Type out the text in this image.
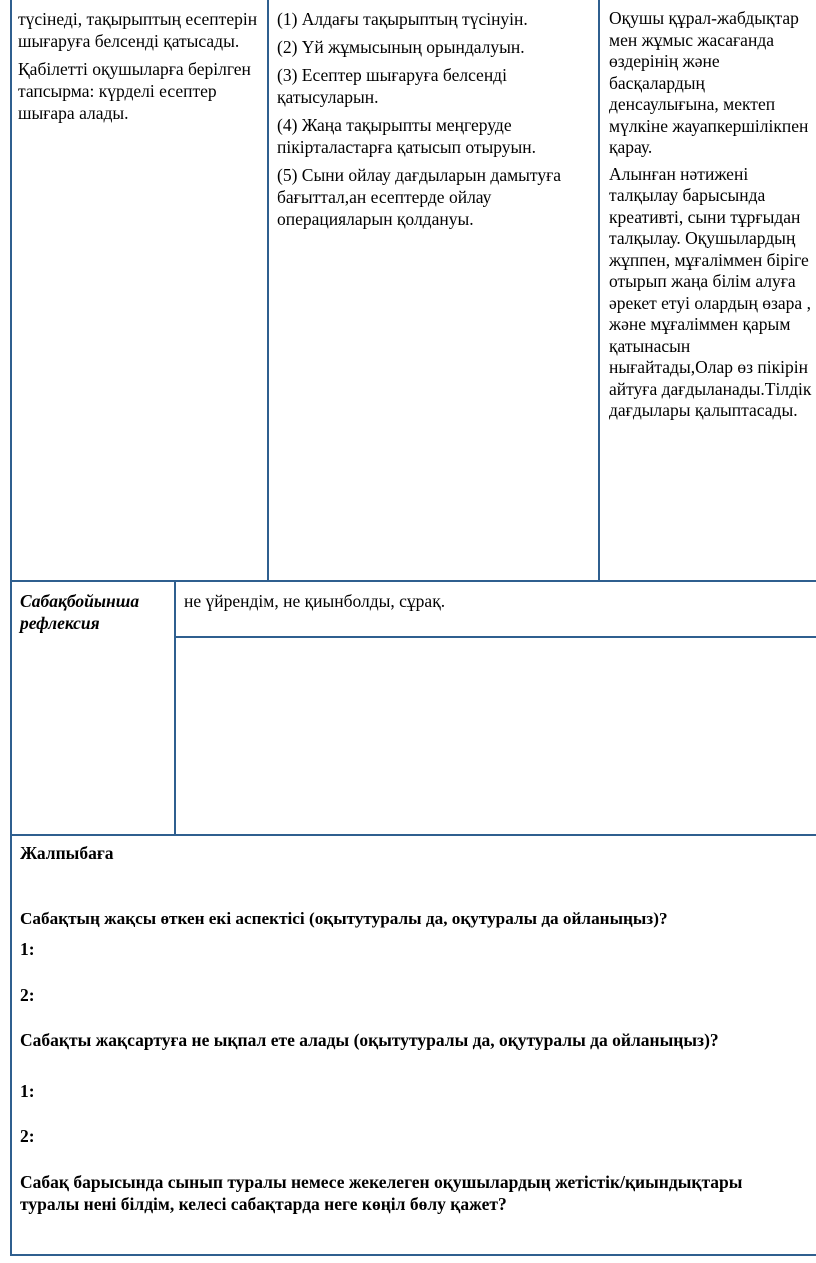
түсінеді, тақырыптың есептерін шығаруға белсенді қатысады.

Қабілетті оқушыларға берілген тапсырма: күрделі есептер шығара алады.

(1) Алдағы тақырыптың түсінуін.

(2) Үй жұмысының орындалуын.

(3) Есептер шығаруға белсенді қатысуларын.

(4) Жаңа тақырыпты меңгеруде пікірталастарға қатысып отыруын.

(5) Сыни ойлау дағдыларын дамытуға бағыттал,ан есептерде ойлау операцияларын қолдануы.

Оқушы құрал-жабдықтар мен жұмыс жасағанда өздерінің және басқалардың денсаулығына, мектеп мүлкіне жауапкершілікпен қарау.

Алынған нәтижені талқылау барысында креативті, сыни тұрғыдан талқылау. Оқушылардың жұппен, мұғаліммен біріге отырып жаңа білім алуға әрекет етуі олардың өзара , және мұғаліммен қарым қатынасын нығайтады,Олар өз пікірін айтуға дағдыланады.Тілдік дағдылары қалыптасады.

Сабақбойынша рефлексия
не үйрендім, не қиынболды, сұрақ.
Жалпыбаға
Сабақтың жақсы өткен екі аспектісі (оқытутуралы да, оқутуралы да ойланыңыз)?
1:
2:
Сабақты жақсартуға не ықпал ете алады (оқытутуралы да, оқутуралы да ойланыңыз)?
1:
2:
Сабақ барысында сынып туралы немесе жекелеген оқушылардың жетістік/қиындықтары туралы нені білдім, келесі сабақтарда неге көңіл бөлу қажет?
